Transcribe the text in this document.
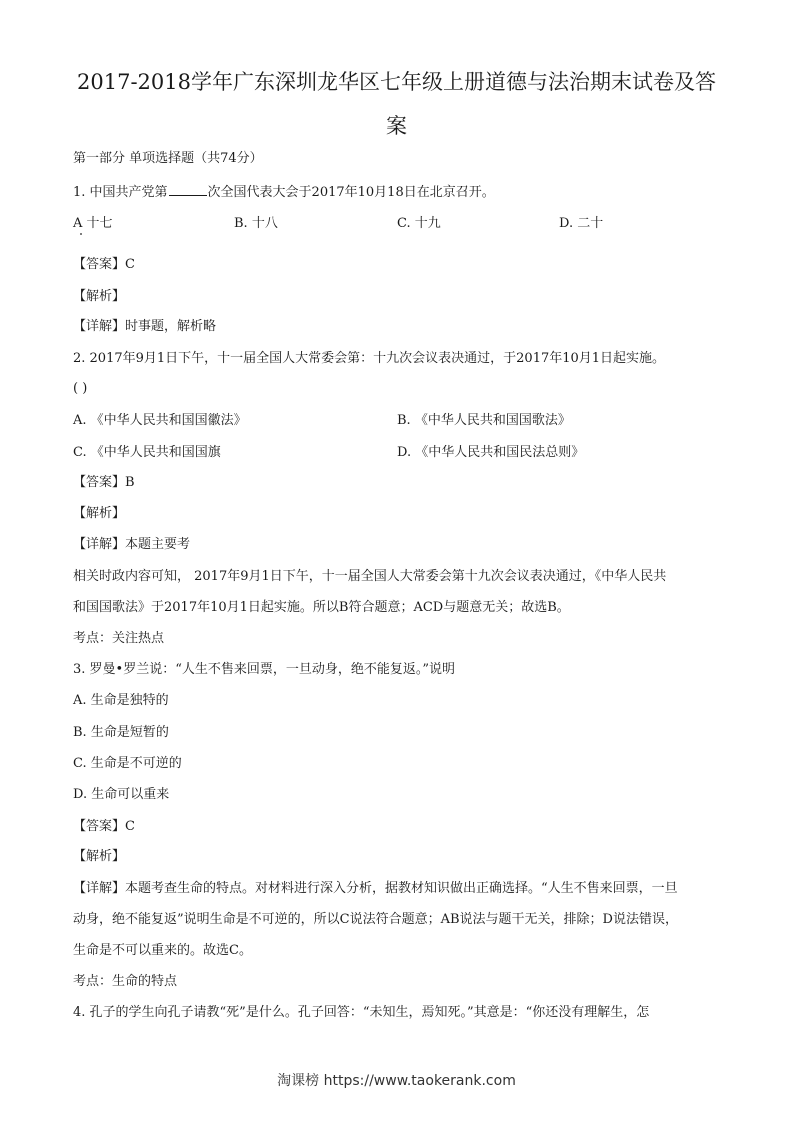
2017-2018学年广东深圳龙华区七年级上册道德与法治期末试卷及答
案
第一部分 单项选择题（共74分）
1. 中国共产党第	次全国代表大会于2017年10月18日在北京召开。
A 十七	B. 十八	C. 十九	D. 二十
【答案】C
【解析】
【详解】时事题，解析略
2. 2017年9月1日下午，十一届全国人大常委会第：十九次会议表决通过，于2017年10月1日起实施。
( )
A. 《中华人民共和国国徽法》	B. 《中华人民共和国国歌法》
C. 《中华人民共和国国旗	D. 《中华人民共和国民法总则》
【答案】B
【解析】
【详解】本题主要考
相关时政内容可知， 2017年9月1日下午，十一届全国人大常委会第十九次会议表决通过，《中华人民共
和国国歌法》于2017年10月1日起实施。所以B符合题意；ACD与题意无关；故选B。
考点：关注热点
3. 罗曼•罗兰说：“人生不售来回票，一旦动身，绝不能复返。”说明
A. 生命是独特的
B. 生命是短暂的
C. 生命是不可逆的
D. 生命可以重来
【答案】C
【解析】
【详解】本题考查生命的特点。对材料进行深入分析，据教材知识做出正确选择。“人生不售来回票，一旦
动身，绝不能复返”说明生命是不可逆的，所以C说法符合题意；AB说法与题干无关，排除；D说法错误，
生命是不可以重来的。故选C。
考点：生命的特点
4. 孔子的学生向孔子请教“死”是什么。孔子回答：“未知生，焉知死。”其意是：“你还没有理解生，怎
淘课榜 https://www.taokerank.com
